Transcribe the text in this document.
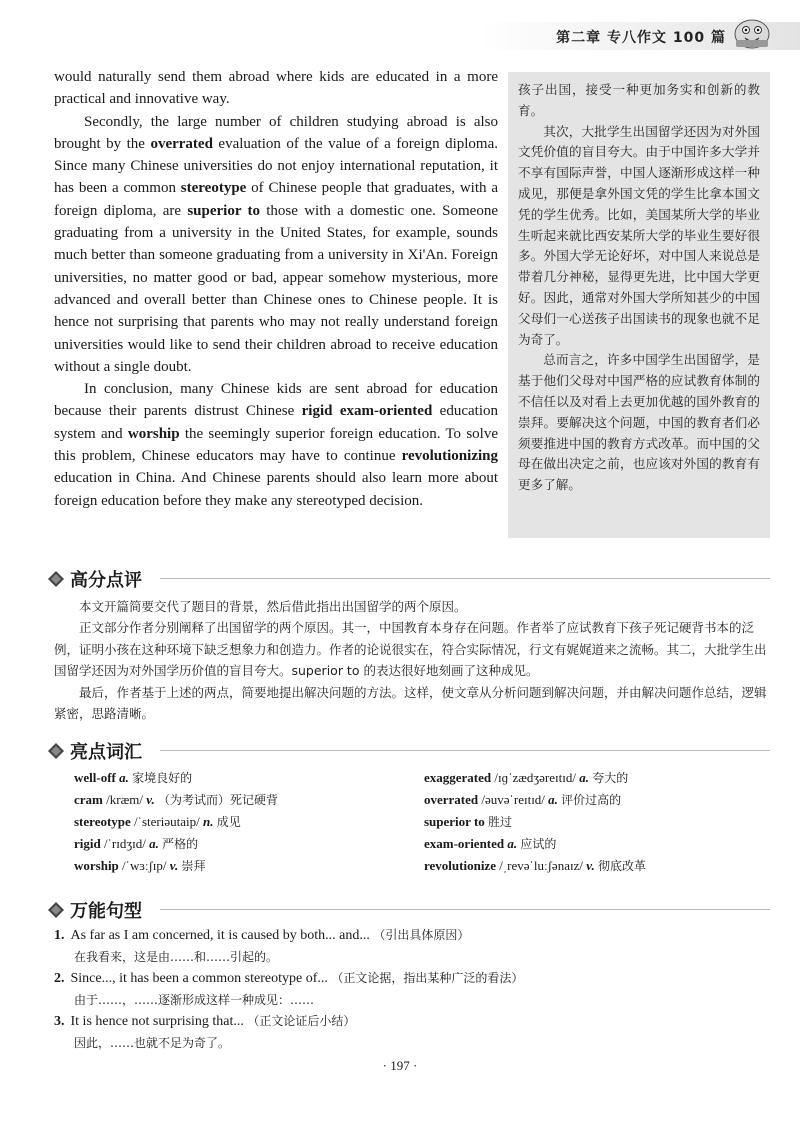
第二章 专八作文 100 篇

would naturally send them abroad where kids are educated in a more practical and innovative way.

Secondly, the large number of children studying abroad is also brought by the overrated evaluation of the value of a foreign diploma. Since many Chinese universities do not enjoy international reputation, it has been a common stereotype of Chinese people that graduates, with a foreign diploma, are superior to those with a domestic one. Someone graduating from a university in the United States, for example, sounds much better than someone graduating from a university in Xi'An. Foreign universities, no matter good or bad, appear somehow mysterious, more advanced and overall better than Chinese ones to Chinese people. It is hence not surprising that parents who may not really understand foreign universities would like to send their children abroad to receive education without a single doubt.

In conclusion, many Chinese kids are sent abroad for education because their parents distrust Chinese rigid exam-oriented education system and worship the seemingly superior foreign education. To solve this problem, Chinese educators may have to continue revolutionizing education in China. And Chinese parents should also learn more about foreign education before they make any stereotyped decision.

孩子出国，接受一种更加务实和创新的教育。

其次，大批学生出国留学还因为对外国文凭价值的盲目夸大。由于中国许多大学并不享有国际声誉，中国人逐渐形成这样一种成见，那便是拿外国文凭的学生比拿本国文凭的学生优秀。比如，美国某所大学的毕业生听起来就比西安某所大学的毕业生要好很多。外国大学无论好坏，对中国人来说总是带着几分神秘，显得更先进，比中国大学更好。因此，通常对外国大学所知甚少的中国父母们一心送孩子出国读书的现象也就不足为奇了。

总而言之，许多中国学生出国留学，是基于他们父母对中国严格的应试教育体制的不信任以及对看上去更加优越的国外教育的崇拜。要解决这个问题，中国的教育者们必须要推进中国的教育方式改革。而中国的父母在做出决定之前，也应该对外国的教育有更多了解。

高分点评

本文开篇简要交代了题目的背景，然后借此指出出国留学的两个原因。

正文部分作者分别阐释了出国留学的两个原因。其一，中国教育本身存在问题。作者举了应试教育下孩子死记硬背书本的泛例，证明小孩在这种环境下缺乏想象力和创造力。作者的论说很实在，符合实际情况，行文有娓娓道来之流畅。其二，大批学生出国留学还因为对外国学历价值的盲目夸大。superior to 的表达很好地刻画了这种成见。

最后，作者基于上述的两点，简要地提出解决问题的方法。这样，使文章从分析问题到解决问题，并由解决问题作总结，逻辑紧密，思路清晰。

亮点词汇
well-off a. 家境良好的
cram /kræm/ v. （为考试而）死记硬背
stereotype /ˈsteriəutaip/ n. 成见
rigid /ˈrɪdʒɪd/ a. 严格的
worship /ˈwɜːʃɪp/ v. 崇拜
exaggerated /ɪɡˈzædʒəreɪtɪd/ a. 夸大的
overrated /əuvəˈreɪtɪd/ a. 评价过高的
superior to 胜过
exam-oriented a. 应试的
revolutionize /ˌrevəˈluːʃənaɪz/ v. 彻底改革
万能句型
1. As far as I am concerned, it is caused by both... and... （引出具体原因）
在我看来，这是由……和……引起的。
2. Since..., it has been a common stereotype of... （正文论据，指出某种广泛的看法）
由于……，……逐渐形成这样一种成见：……
3. It is hence not surprising that... （正文论证后小结）
因此，……也就不足为奇了。
· 197 ·
